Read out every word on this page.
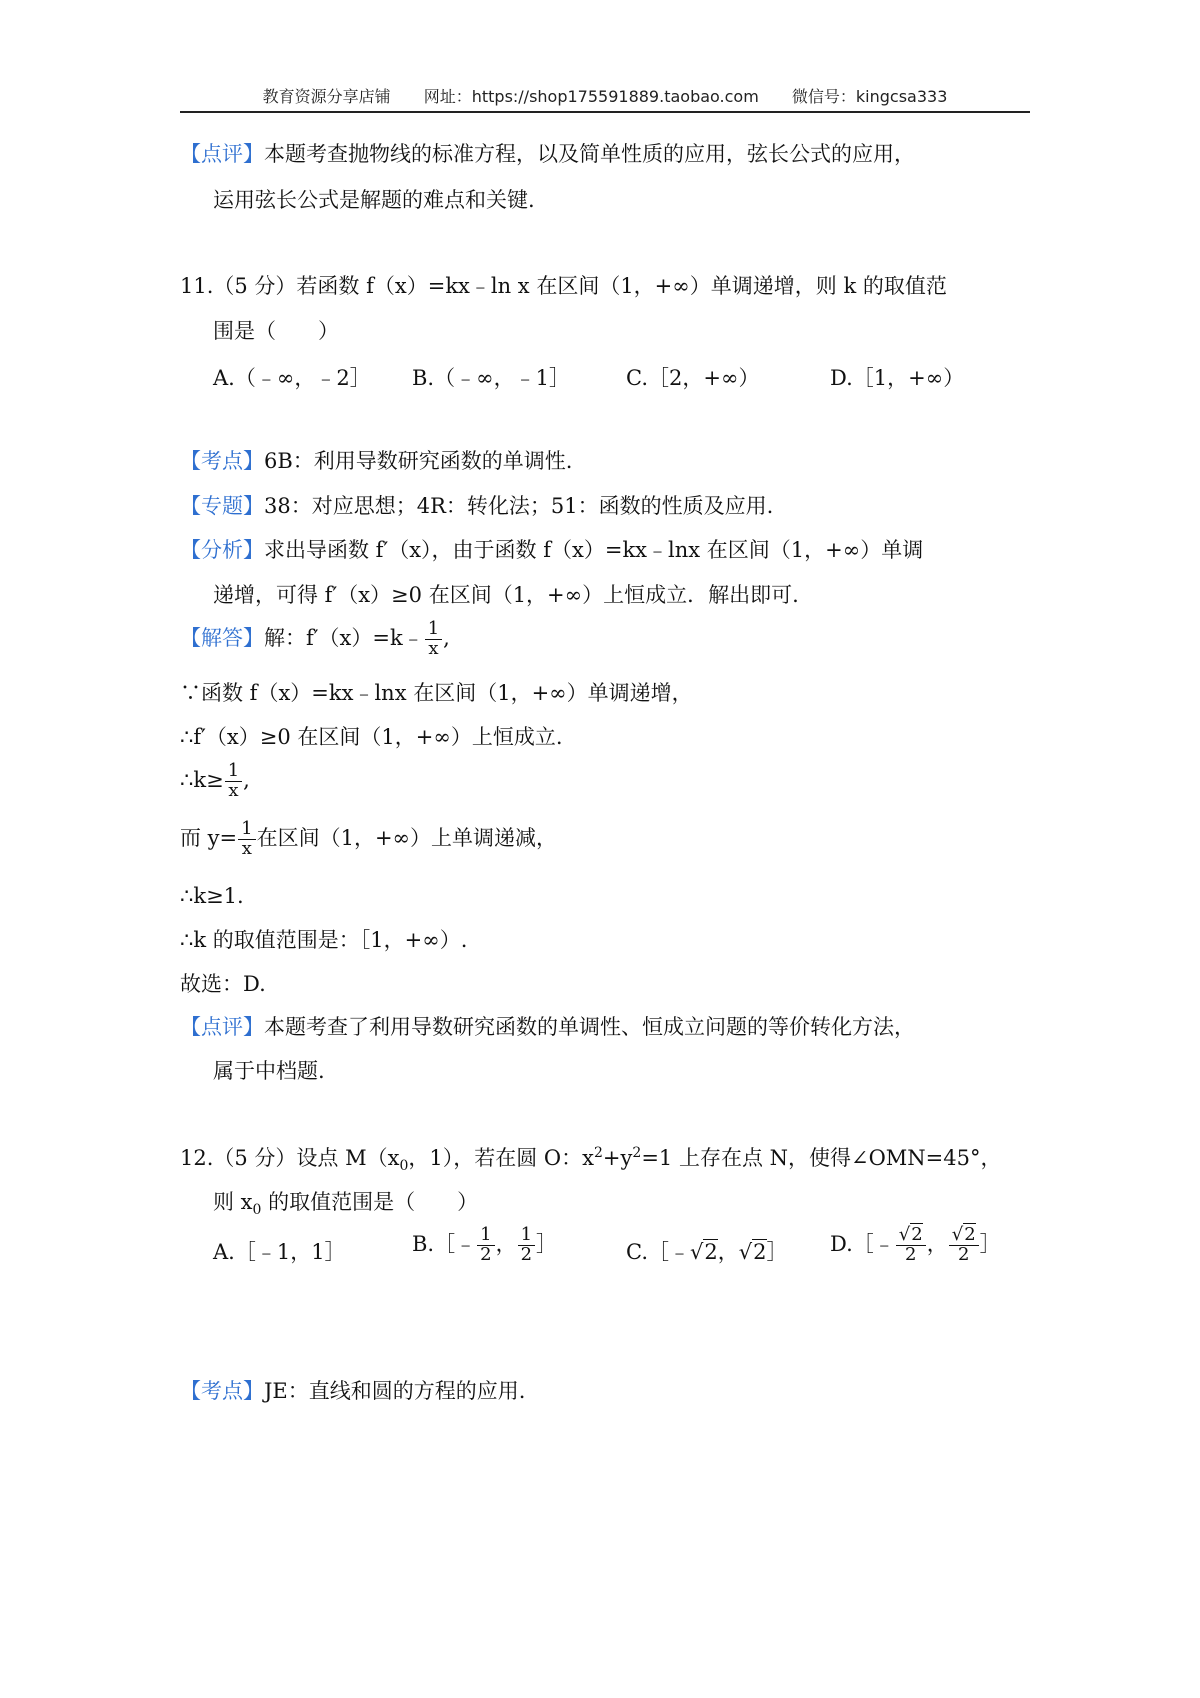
教育资源分享店铺 网址：https://shop175591889.taobao.com 微信号：kingcsa333
【点评】本题考查抛物线的标准方程，以及简单性质的应用，弦长公式的应用，
运用弦长公式是解题的难点和关键.
11.（5 分）若函数 f（x）=kx﹣ln x 在区间（1，+∞）单调递增，则 k 的取值范
围是（　　）
A.（﹣∞，﹣2］ B.（﹣∞，﹣1］	C.［2，+∞）	D.［1，+∞）
【考点】6B：利用导数研究函数的单调性.
【专题】38：对应思想；4R：转化法；51：函数的性质及应用.
【分析】求出导函数 f′（x），由于函数 f（x）=kx﹣lnx 在区间（1，+∞）单调
递增，可得 f′（x）≥0 在区间（1，+∞）上恒成立．解出即可.
【解答】解：f′（x）=k﹣ $\frac{1}{x}$ ,
∵函数 f（x）=kx﹣lnx 在区间（1，+∞）单调递增，
∴f′（x）≥0 在区间（1，+∞）上恒成立.
∴k≥ $\frac{1}{x}$ ,
而 $y= \frac{1}{x}$ 在区间（1，+∞）上单调递减，
∴k≥1.
∴k 的取值范围是：［1，+∞）.
故选：D.
【点评】本题考查了利用导数研究函数的单调性、恒成立问题的等价转化方法，
属于中档题.
12.（5 分）设点 $M(x_0$，1），若在圆 O：$x^2+y^2=1$ 上存在点 N，使得∠OMN=45°，
则 $x_0$ 的取值范围是（　　）
A.［﹣1，1］	B.［﹣ $\frac{1}{2}$ ， $\frac{1}{2}$ ］	C.［﹣√2，√2］ D.［﹣ $\frac{√2}{2}$ ， $\frac{√2}{2}$ ］
【考点】JE：直线和圆的方程的应用.
